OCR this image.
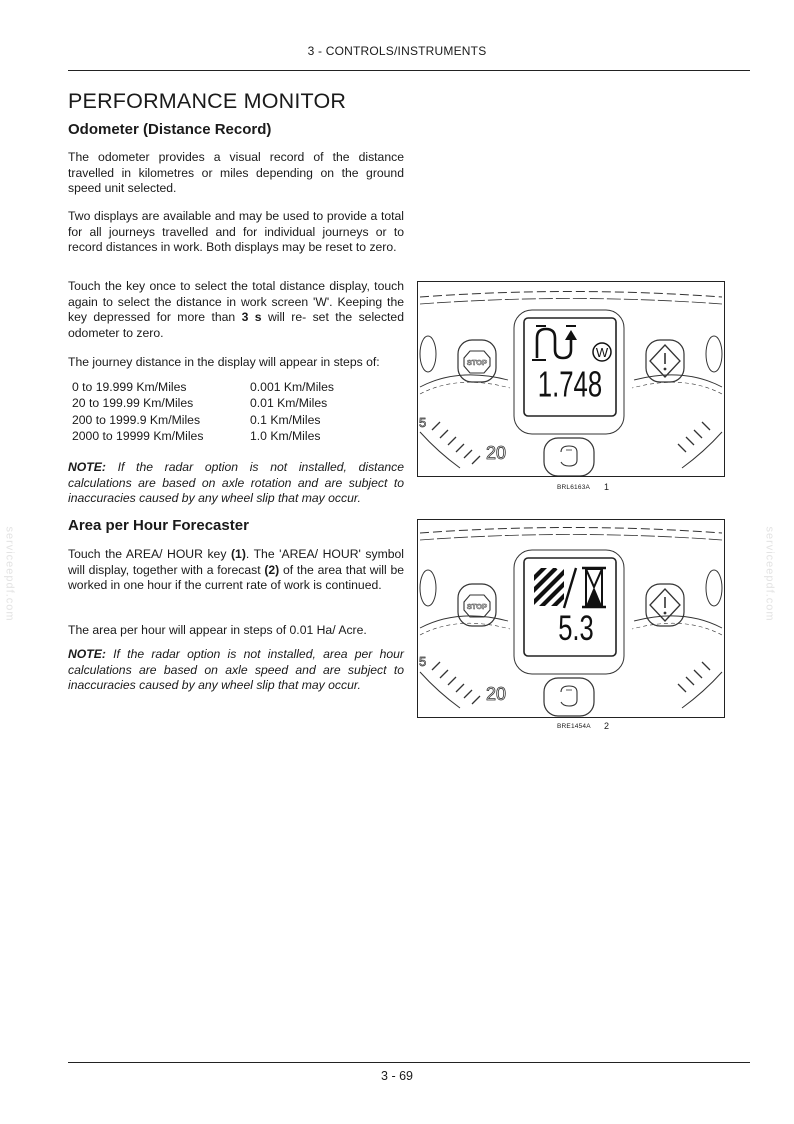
3 - CONTROLS/INSTRUMENTS
PERFORMANCE MONITOR
Odometer (Distance Record)
The odometer provides a visual record of the distance travelled in kilometres or miles depending on the ground speed unit selected.
Two displays are available and may be used to provide a total for all journeys travelled and for individual journeys or to record distances in work. Both displays may be reset to zero.
Touch the key once to select the total distance display, touch again to select the distance in work screen 'W'. Keeping the key depressed for more than 3 s will re- set the selected odometer to zero.
The journey distance in the display will appear in steps of:
0 to 19.999 Km/Miles	0.001 Km/Miles
20 to 199.99 Km/Miles	0.01 Km/Miles
200 to 1999.9 Km/Miles	0.1 Km/Miles
2000 to 19999 Km/Miles	1.0 Km/Miles
NOTE: If the radar option is not installed, distance calculations are based on axle rotation and are subject to inaccuracies caused by any wheel slip that may occur.
Area per Hour Forecaster
Touch the AREA/ HOUR key (1). The 'AREA/ HOUR' symbol will display, together with a forecast (2) of the area that will be worked in one hour if the current rate of work is continued.
The area per hour will appear in steps of 0.01 Ha/ Acre.
NOTE: If the radar option is not installed, area per hour calculations are based on axle speed and are subject to inaccuracies caused by any wheel slip that may occur.
STOP
W
1.748
20
5
BRL6163A 1
STOP
5.3
20
5
BRE1454A 2
serviceepdf.com	serviceepdf.com
3 - 69
